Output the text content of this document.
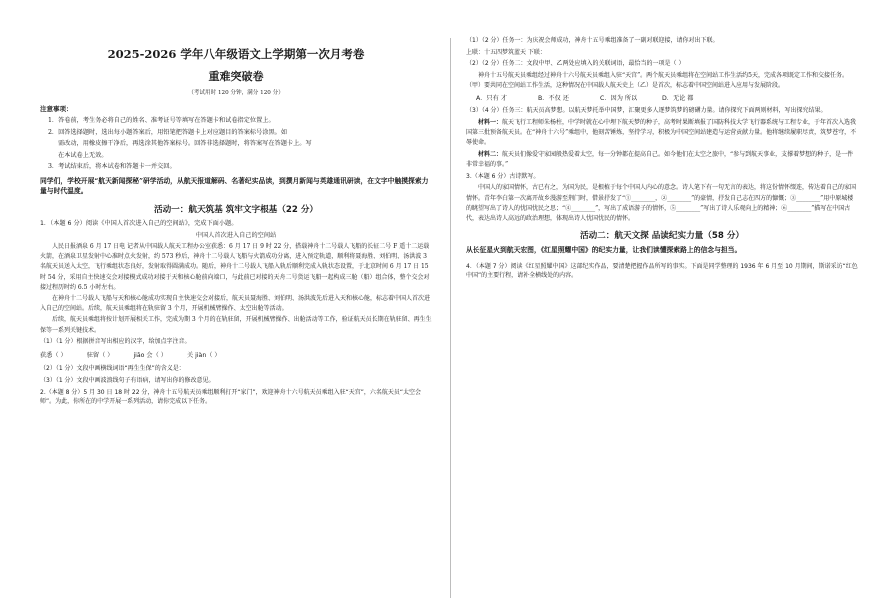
2025-2026 学年八年级语文上学期第一次月考卷
重难突破卷
（考试用时 120 分钟，满分 120 分）
注意事项：
1．答卷前，考生务必将自己的姓名、准考证号等填写在答题卡和试卷指定位置上。
2．回答选择题时，选出每小题答案后，用铅笔把答题卡上对应题目的答案标号涂黑。如
需改动，用橡皮擦干净后，再选涂其他答案标号。回答非选择题时，将答案写在答题卡上。写
在本试卷上无效。
3．考试结束后，将本试卷和答题卡一并交回。
同学们，学校开展“航天新闻探秘”研学活动，从航天报道解码、名著纪实品读，到撰月新闻与英雄通讯研读，在文字中触摸探索力量与时代温度。
活动一：航天筑基 筑牢文字根基（22 分）
1．（本题 6 分）阅读《中国人首次进入自己的空间站》，完成下面小题。
中国人首次进入自己的空间站
人民日报酒泉 6 月 17 日电 记者从中国载人航天工程办公室获悉：6 月 17 日 9 时 22 分，搭载神舟十二号载人飞船的长征二号 F 遥十二运载火箭，在酒泉卫星发射中心准时点火发射，约 573 秒后，神舟十二号载人飞船与火箭成功分离，进入预定轨道，顺利将聂海胜、刘伯明、汤洪波 3 名航天员送入太空，飞行乘组状态良好，发射取得圆满成功。随后，神舟十二号载人飞船入轨后顺利完成入轨状态设置，于北京时间 6 月 17 日 15 时 54 分，采用自主快速交会对接模式成功对接于天和核心舱前向端口，与此前已对接的天舟二号货运飞船一起构成三舱（船）组合体，整个交会对接过程历时约 6.5 小时左右。
在神舟十二号载人飞船与天和核心舱成功实现自主快速交会对接后，航天员聂海胜、刘伯明、汤洪波先后进入天和核心舱，标志着中国人首次进入自己的空间站。后续，航天员乘组将在轨驻留 3 个月，开展机械臂操作、太空出舱等活动。
后续，航天员乘组将按计划开展相关工作，完成为期 3 个月的在轨驻留，开展机械臂操作、出舱活动等工作，验证航天员长期在轨驻留、再生生保等一系列关键技术。
（1）（1 分）根据拼音写出相应的汉字，给加点字注音。
获悉（ ）	驻留（ ）	jiāo 会（ ）	关 jiàn（ ）
（2）（1 分）文段中画横线词语“再生生保”的含义是：
（3）（1 分）文段中画波浪线句子有语病，请写出你的修改意见。
2.（本题 8 分）5 月 30 日 18 时 22 分，神舟十五号航天员乘组顺利打开“家门”，欢迎神舟十六号航天员乘组入驻“天宫”，六名航天员“太空会师”。为此，你所在的中学开展一系列活动，请你完成以下任务。
（1）（2 分）任务一：为庆祝会师成功，神舟十五号乘组准备了一副对联迎接，请你对出下联。
上联：十五四梦筑蓝天 下联：
（2）（2 分）任务二：文段中甲、乙两处应填入的关联词语，最恰当的一项是（ ）
神舟十五号航天员乘组经过神舟十六号航天员乘组入驻“天宫”。两个航天员乘组将在空间站工作生活约5天，完成各项既定工作和交接任务。（甲）要共同在空间站工作生活，这种情况在中国载人航天史上（乙）是首次，标志着中国空间站进入应用与发展阶段。
A．只有 才	B．不仅 还	C．因为 所以	D．无论 都
（3）（4 分）任务三：航天员高梦想。以航天梦托举中国梦，汇聚更多人逐梦筑梦的磅礴力量。请你探究下面两则材料，写出探究结果。
材料一：航天飞行工程师朱杨柱，中学时就在心中埋下航天梦的种子，高考时果断填报了国防科技大学飞行器系统与工程专业，于年首次入选我国第三批预备航天员。在“神舟十六号”乘组中，他刻苦锤炼，坚持学习，积极为中国空间站建造与运营贡献力量。他将继续履职尽责，筑梦苍穹，不辱使命。
材料二：航天员们像爱守家园般热爱着太空，每一分钟都在提高自己。如今他们在太空之旅中，“参与到航天事业，支撑着梦想的种子，是一件非常幸福的事。”
3.（本题 6 分）古诗默写。
中国人的家国情怀，古已有之，为国为民，是根植于每个中国人内心的意念。诗人笔下有一句无言的表达，将这份情怀缀连，传达着自己的家国情怀。青年李白第一次离开故乡漫游至荆门时，借景抒发了“①________，②________”的豪情，抒发自己志在四方的慷慨；③________”用中原城楼的眺望写出了诗人的忧国忧民之思；“④________”，写出了成语游子的情怀，⑤________”写出了诗人乐观向上的精神；⑥________”描写在中国古代，表达出诗人高远的政治理想，体现出诗人忧国忧民的情怀。
活动二：航天文探 品读纪实力量（58 分）
从长征星火到航天宏图，《红星照耀中国》的纪实力量，让我们读懂探索路上的信念与担当。
4．（本题 7 分）阅读《红星照耀中国》这部纪实作品，要清楚把握作品所写的事实。下面是同学整理的 1936 年 6 月至 10 月期间，斯诺采访“红色中国”的主要行程，请补全横线处的内容。
